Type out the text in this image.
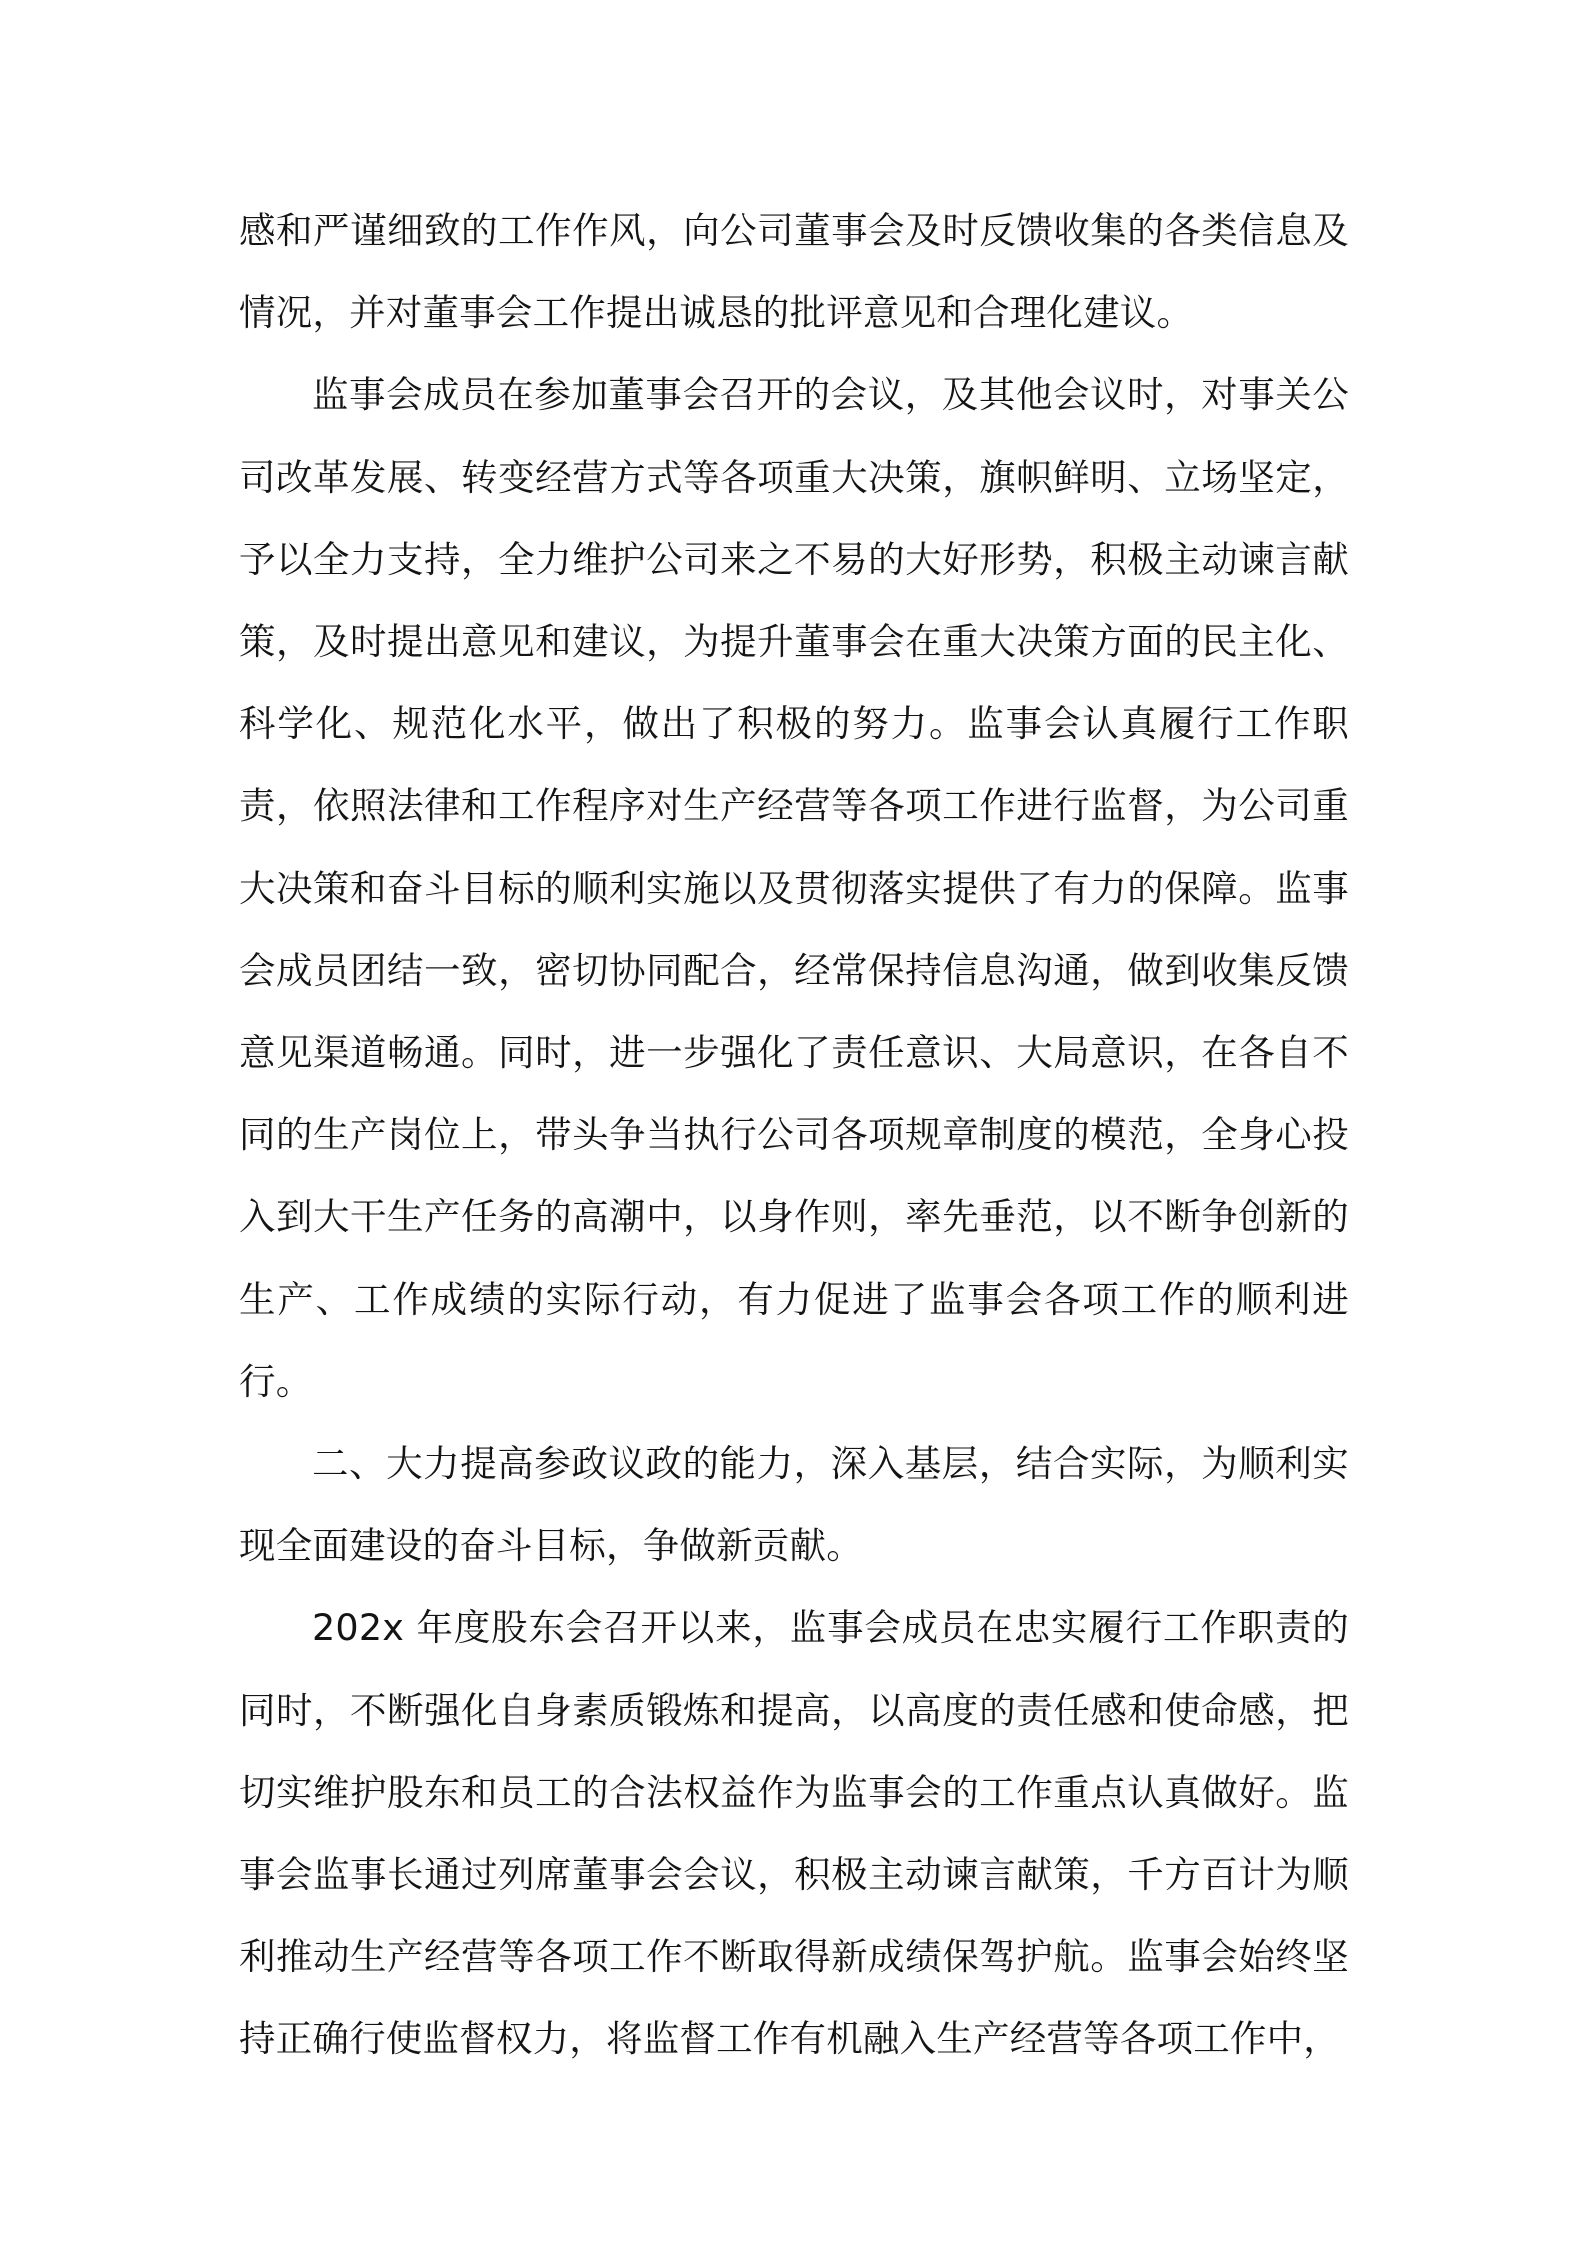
感和严谨细致的工作作风，向公司董事会及时反馈收集的各类信息及情况，并对董事会工作提出诚恳的批评意见和合理化建议。

监事会成员在参加董事会召开的会议，及其他会议时，对事关公司改革发展、转变经营方式等各项重大决策，旗帜鲜明、立场坚定，予以全力支持，全力维护公司来之不易的大好形势，积极主动谏言献策，及时提出意见和建议，为提升董事会在重大决策方面的民主化、科学化、规范化水平，做出了积极的努力。监事会认真履行工作职责，依照法律和工作程序对生产经营等各项工作进行监督，为公司重大决策和奋斗目标的顺利实施以及贯彻落实提供了有力的保障。监事会成员团结一致，密切协同配合，经常保持信息沟通，做到收集反馈意见渠道畅通。同时，进一步强化了责任意识、大局意识，在各自不同的生产岗位上，带头争当执行公司各项规章制度的模范，全身心投入到大干生产任务的高潮中，以身作则，率先垂范，以不断争创新的生产、工作成绩的实际行动，有力促进了监事会各项工作的顺利进行。

二、大力提高参政议政的能力，深入基层，结合实际，为顺利实现全面建设的奋斗目标，争做新贡献。

202x 年度股东会召开以来，监事会成员在忠实履行工作职责的同时，不断强化自身素质锻炼和提高，以高度的责任感和使命感，把切实维护股东和员工的合法权益作为监事会的工作重点认真做好。监事会监事长通过列席董事会会议，积极主动谏言献策，千方百计为顺利推动生产经营等各项工作不断取得新成绩保驾护航。监事会始终坚持正确行使监督权力，将监督工作有机融入生产经营等各项工作中，
